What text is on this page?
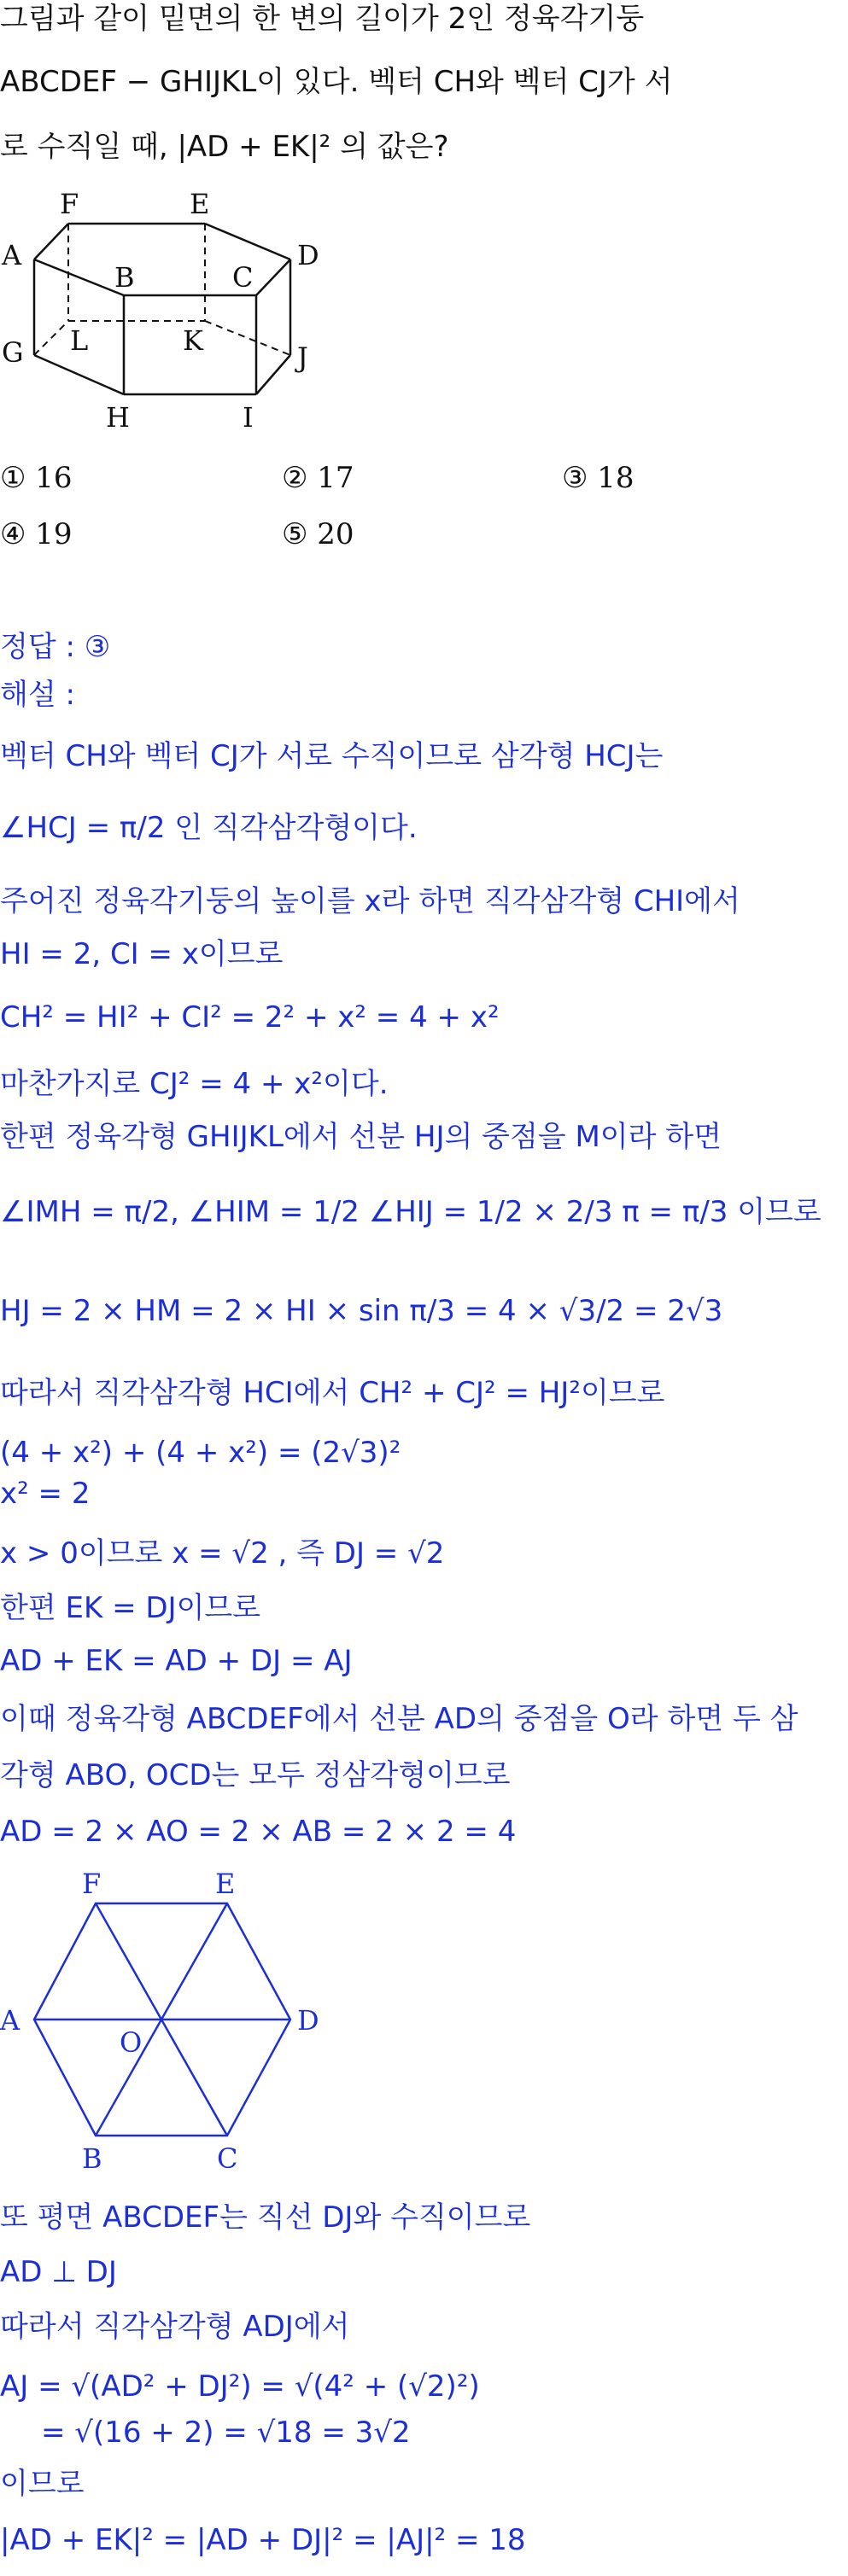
그림과 같이 밑면의 한 변의 길이가 2인 정육각기둥
ABCDEF − GHIJKL이 있다. 벡터 CH와 벡터 CJ가 서
로 수직일 때, |AD + EK|² 의 값은?
F	E
A
B	C
D
G L	K
J
H	I
① 16	② 17	③ 18
④ 19	⑤ 20
정답 : ③
해설 :
벡터 CH와 벡터 CJ가 서로 수직이므로 삼각형 HCJ는
∠HCJ = π/2 인 직각삼각형이다.
주어진 정육각기둥의 높이를 x라 하면 직각삼각형 CHI에서
HI = 2, CI = x이므로
CH² = HI² + CI² = 2² + x² = 4 + x²
마찬가지로 CJ² = 4 + x²이다.
한편 정육각형 GHIJKL에서 선분 HJ의 중점을 M이라 하면
∠IMH = π/2, ∠HIM = 1/2 ∠HIJ = 1/2 × 2/3 π = π/3 이므로
HJ = 2 × HM = 2 × HI × sin π/3 = 4 × √3/2 = 2√3
따라서 직각삼각형 HCI에서 CH² + CJ² = HJ²이므로
(4 + x²) + (4 + x²) = (2√3)²
x² = 2
x > 0이므로 x = √2 , 즉 DJ = √2
한편 EK = DJ이므로
AD + EK = AD + DJ = AJ
이때 정육각형 ABCDEF에서 선분 AD의 중점을 O라 하면 두 삼
각형 ABO, OCD는 모두 정삼각형이므로
AD = 2 × AO = 2 × AB = 2 × 2 = 4
F	E
A	D
O
B	C
또 평면 ABCDEF는 직선 DJ와 수직이므로
AD ⊥ DJ
따라서 직각삼각형 ADJ에서
AJ = √(AD² + DJ²) = √(4² + (√2)²)
= √(16 + 2) = √18 = 3√2
이므로
|AD + EK|² = |AD + DJ|² = |AJ|² = 18
